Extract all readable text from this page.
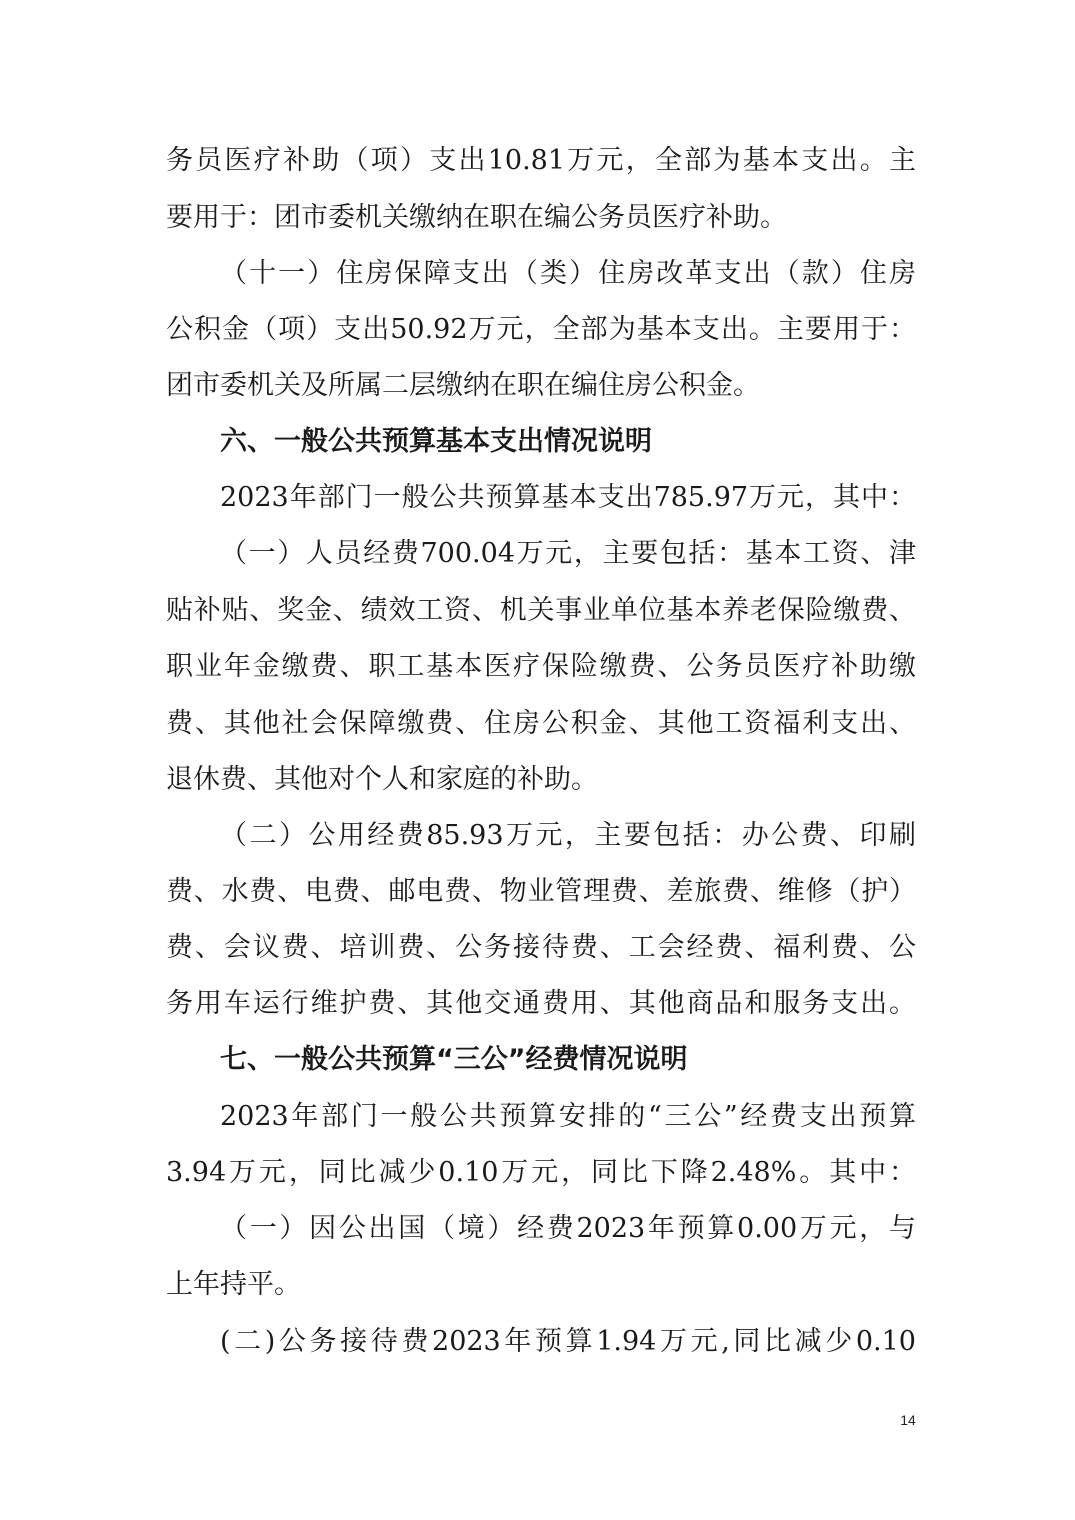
务员医疗补助（项）支出10.81万元，全部为基本支出。主
要用于：团市委机关缴纳在职在编公务员医疗补助。
（十一）住房保障支出（类）住房改革支出（款）住房
公积金（项）支出50.92万元，全部为基本支出。主要用于：
团市委机关及所属二层缴纳在职在编住房公积金。
六、一般公共预算基本支出情况说明
2023年部门一般公共预算基本支出785.97万元，其中：
（一）人员经费700.04万元，主要包括：基本工资、津
贴补贴、奖金、绩效工资、机关事业单位基本养老保险缴费、
职业年金缴费、职工基本医疗保险缴费、公务员医疗补助缴
费、其他社会保障缴费、住房公积金、其他工资福利支出、
退休费、其他对个人和家庭的补助。
（二）公用经费85.93万元，主要包括：办公费、印刷
费、水费、电费、邮电费、物业管理费、差旅费、维修（护）
费、会议费、培训费、公务接待费、工会经费、福利费、公
务用车运行维护费、其他交通费用、其他商品和服务支出。
七、一般公共预算“三公”经费情况说明
2023年部门一般公共预算安排的“三公”经费支出预算
3.94万元，同比减少0.10万元，同比下降2.48%。其中：
（一）因公出国（境）经费2023年预算0.00万元，与
上年持平。
(二)公务接待费2023年预算1.94万元,同比减少0.10
14
